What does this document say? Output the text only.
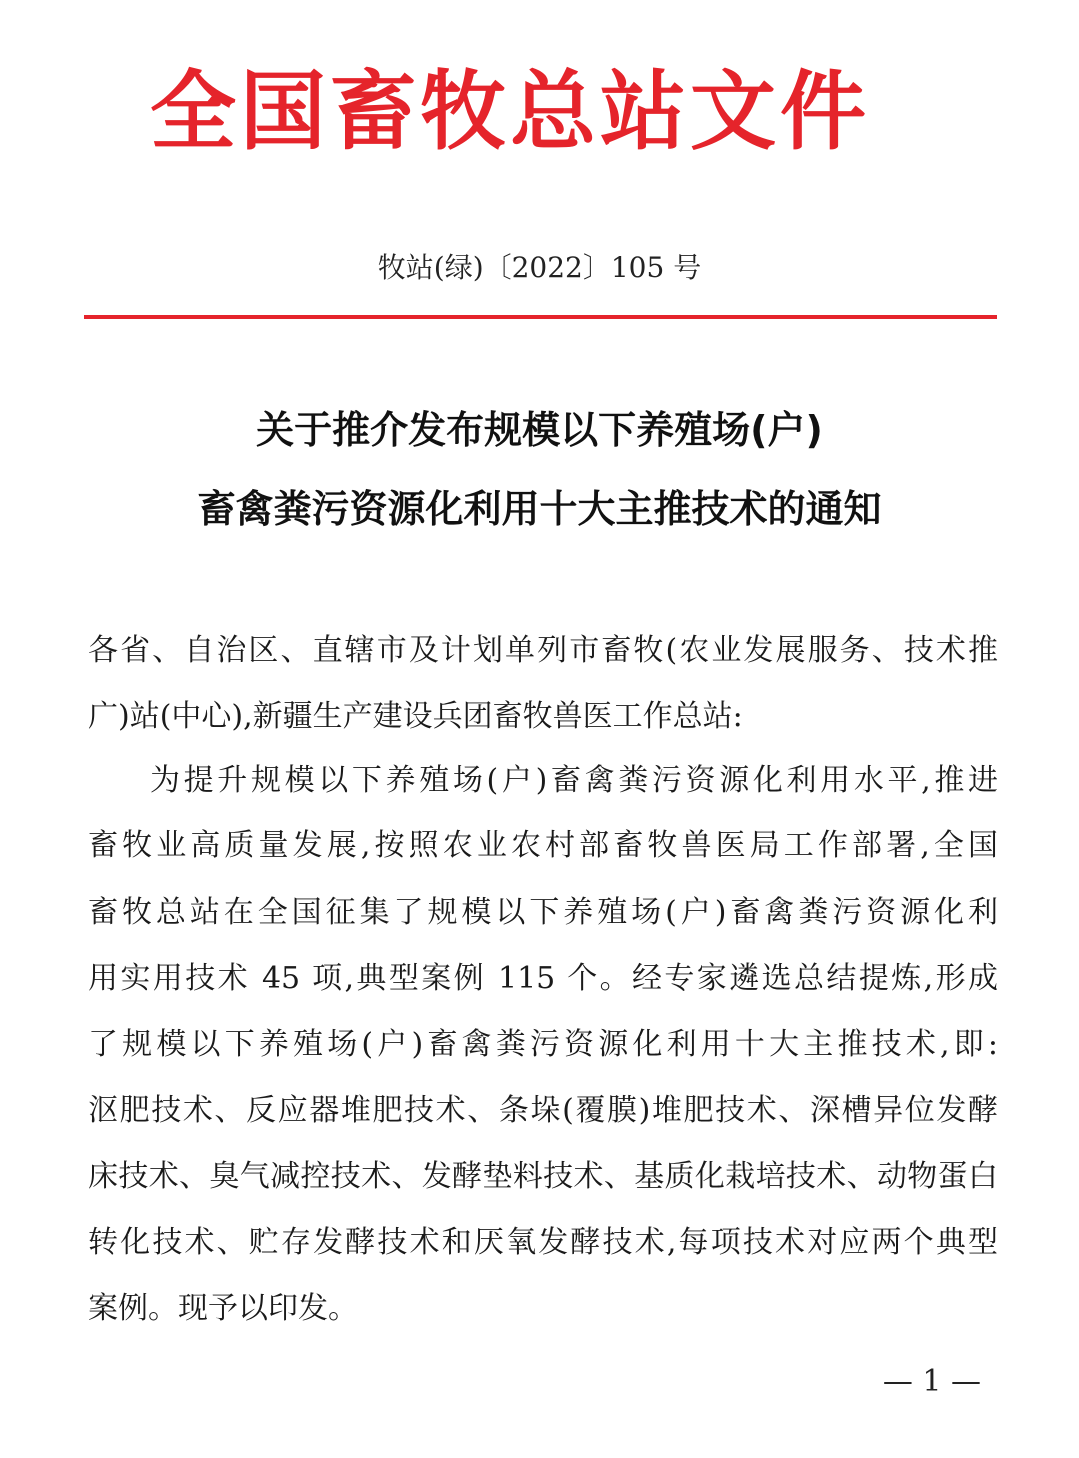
全国畜牧总站文件
牧站(绿)〔2022〕105 号
关于推介发布规模以下养殖场(户)
畜禽粪污资源化利用十大主推技术的通知
各省、自治区、直辖市及计划单列市畜牧(农业发展服务、技术推
广)站(中心),新疆生产建设兵团畜牧兽医工作总站:
为提升规模以下养殖场(户)畜禽粪污资源化利用水平,推进
畜牧业高质量发展,按照农业农村部畜牧兽医局工作部署,全国
畜牧总站在全国征集了规模以下养殖场(户)畜禽粪污资源化利
用实用技术 45 项,典型案例 115 个。经专家遴选总结提炼,形成
了规模以下养殖场(户)畜禽粪污资源化利用十大主推技术,即:
沤肥技术、反应器堆肥技术、条垛(覆膜)堆肥技术、深槽异位发酵
床技术、臭气减控技术、发酵垫料技术、基质化栽培技术、动物蛋白
转化技术、贮存发酵技术和厌氧发酵技术,每项技术对应两个典型
案例。现予以印发。
— 1 —
